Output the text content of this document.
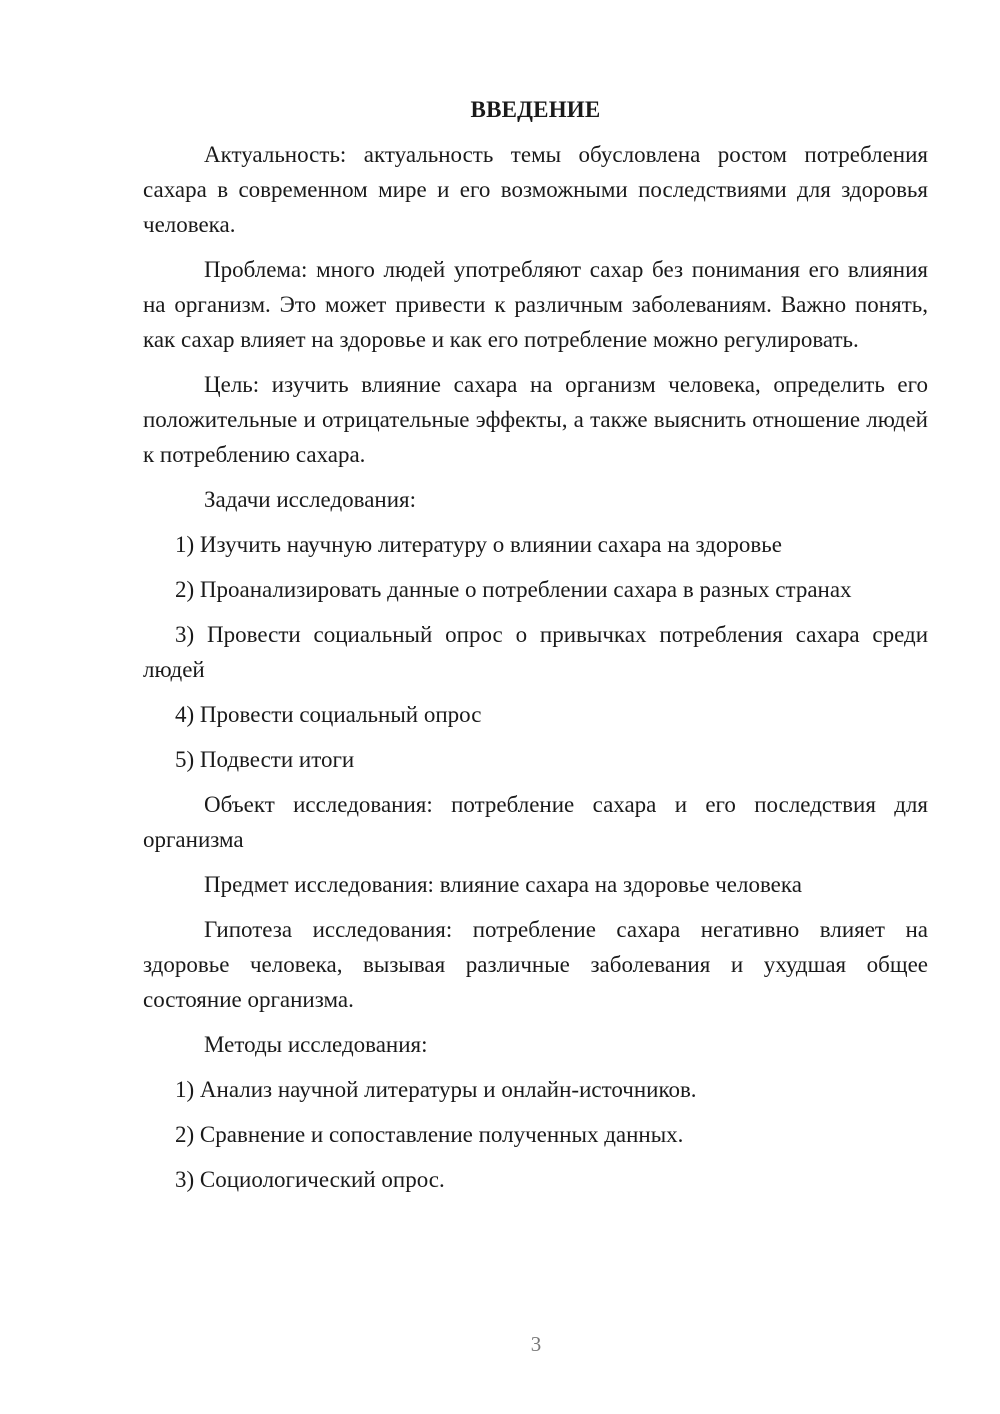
ВВЕДЕНИЕ

Актуальность: актуальность темы обусловлена ростом потребления сахара в современном мире и его возможными последствиями для здоровья человека.

Проблема: много людей употребляют сахар без понимания его влияния на организм. Это может привести к различным заболеваниям. Важно понять, как сахар влияет на здоровье и как его потребление можно регулировать.

Цель: изучить влияние сахара на организм человека, определить его положительные и отрицательные эффекты, а также выяснить отношение людей к потреблению сахара.

Задачи исследования:

1) Изучить научную литературу о влиянии сахара на здоровье

2) Проанализировать данные о потреблении сахара в разных странах

3) Провести социальный опрос о привычках потребления сахара среди людей

4) Провести социальный опрос

5) Подвести итоги

Объект исследования: потребление сахара и его последствия для организма

Предмет исследования: влияние сахара на здоровье человека

Гипотеза исследования: потребление сахара негативно влияет на здоровье человека, вызывая различные заболевания и ухудшая общее состояние организма.

Методы исследования:

1) Анализ научной литературы и онлайн-источников.

2) Сравнение и сопоставление полученных данных.

3) Социологический опрос.

3
